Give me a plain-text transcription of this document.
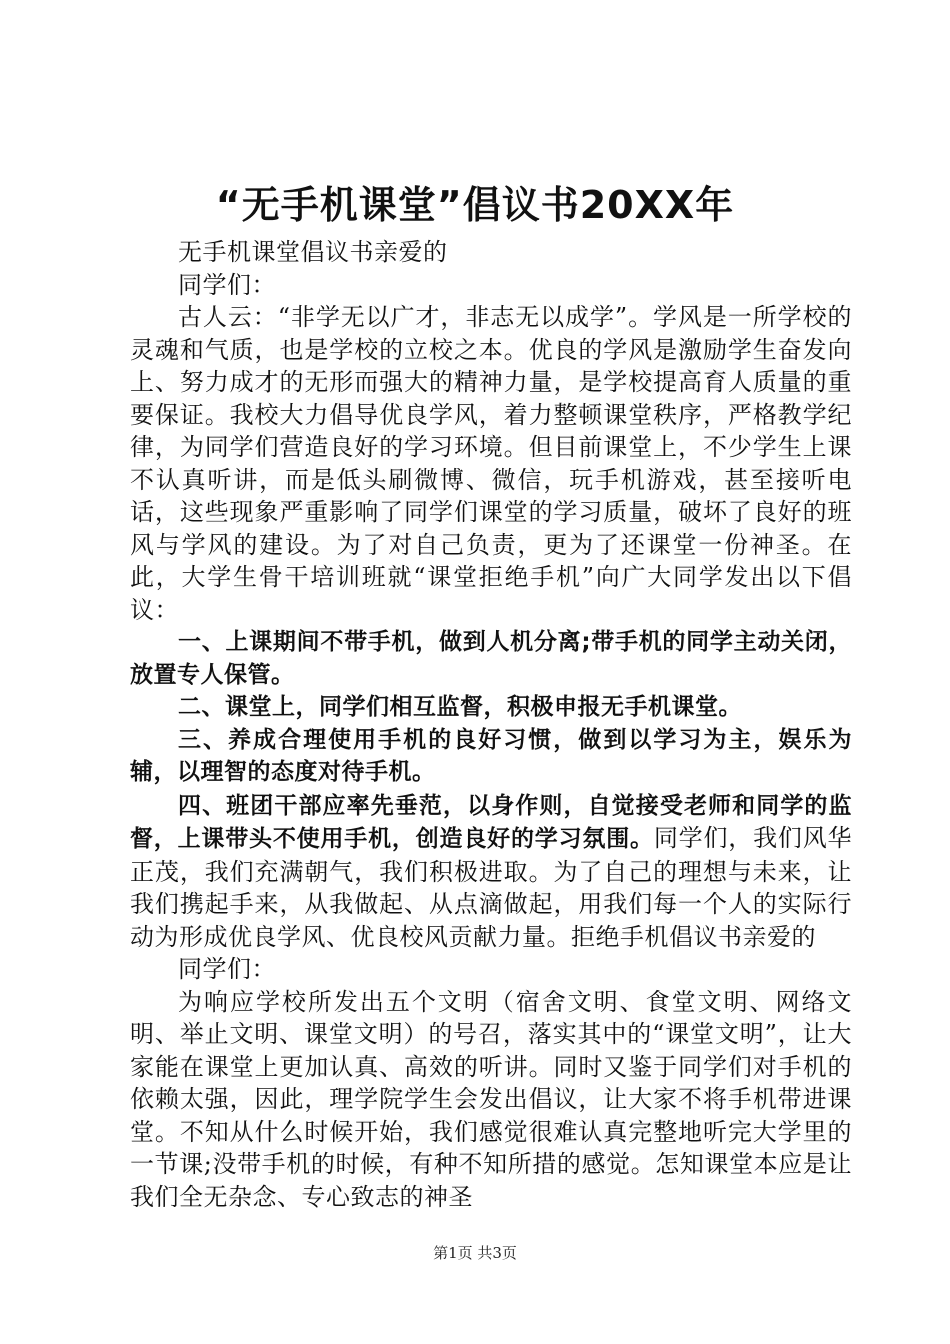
“无手机课堂”倡议书20XX年

无手机课堂倡议书亲爱的

同学们：

古人云：“非学无以广才，非志无以成学”。学风是一所学校的灵魂和气质，也是学校的立校之本。优良的学风是激励学生奋发向上、努力成才的无形而强大的精神力量，是学校提高育人质量的重要保证。我校大力倡导优良学风，着力整顿课堂秩序，严格教学纪律，为同学们营造良好的学习环境。但目前课堂上，不少学生上课不认真听讲，而是低头刷微博、微信，玩手机游戏，甚至接听电话，这些现象严重影响了同学们课堂的学习质量，破坏了良好的班风与学风的建设。为了对自己负责，更为了还课堂一份神圣。在此，大学生骨干培训班就“课堂拒绝手机”向广大同学发出以下倡议：

一、上课期间不带手机，做到人机分离;带手机的同学主动关闭，放置专人保管。

二、课堂上，同学们相互监督，积极申报无手机课堂。

三、养成合理使用手机的良好习惯，做到以学习为主，娱乐为辅，以理智的态度对待手机。

四、班团干部应率先垂范，以身作则，自觉接受老师和同学的监督，上课带头不使用手机，创造良好的学习氛围。同学们，我们风华正茂，我们充满朝气，我们积极进取。为了自己的理想与未来，让我们携起手来，从我做起、从点滴做起，用我们每一个人的实际行动为形成优良学风、优良校风贡献力量。拒绝手机倡议书亲爱的

同学们：

为响应学校所发出五个文明（宿舍文明、食堂文明、网络文明、举止文明、课堂文明）的号召，落实其中的“课堂文明”，让大家能在课堂上更加认真、高效的听讲。同时又鉴于同学们对手机的依赖太强，因此，理学院学生会发出倡议，让大家不将手机带进课堂。不知从什么时候开始，我们感觉很难认真完整地听完大学里的一节课;没带手机的时候，有种不知所措的感觉。怎知课堂本应是让我们全无杂念、专心致志的神圣

第1页 共3页
